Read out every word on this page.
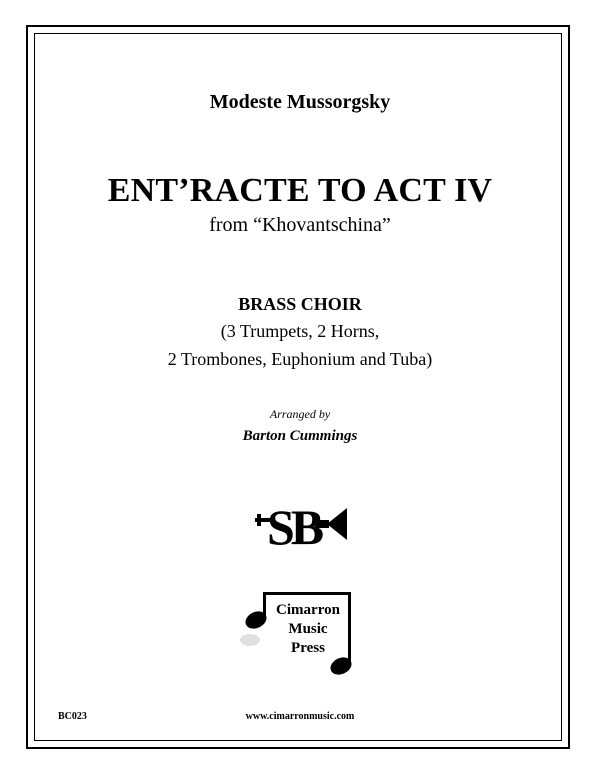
Modeste Mussorgsky
ENT’RACTE TO ACT IV
from “Khovantschina”
BRASS CHOIR
(3 Trumpets, 2 Horns,
2 Trombones, Euphonium and Tuba)
Arranged by
Barton Cummings
SB
Cimarron
Music
Press
BC023	www.cimarronmusic.com
